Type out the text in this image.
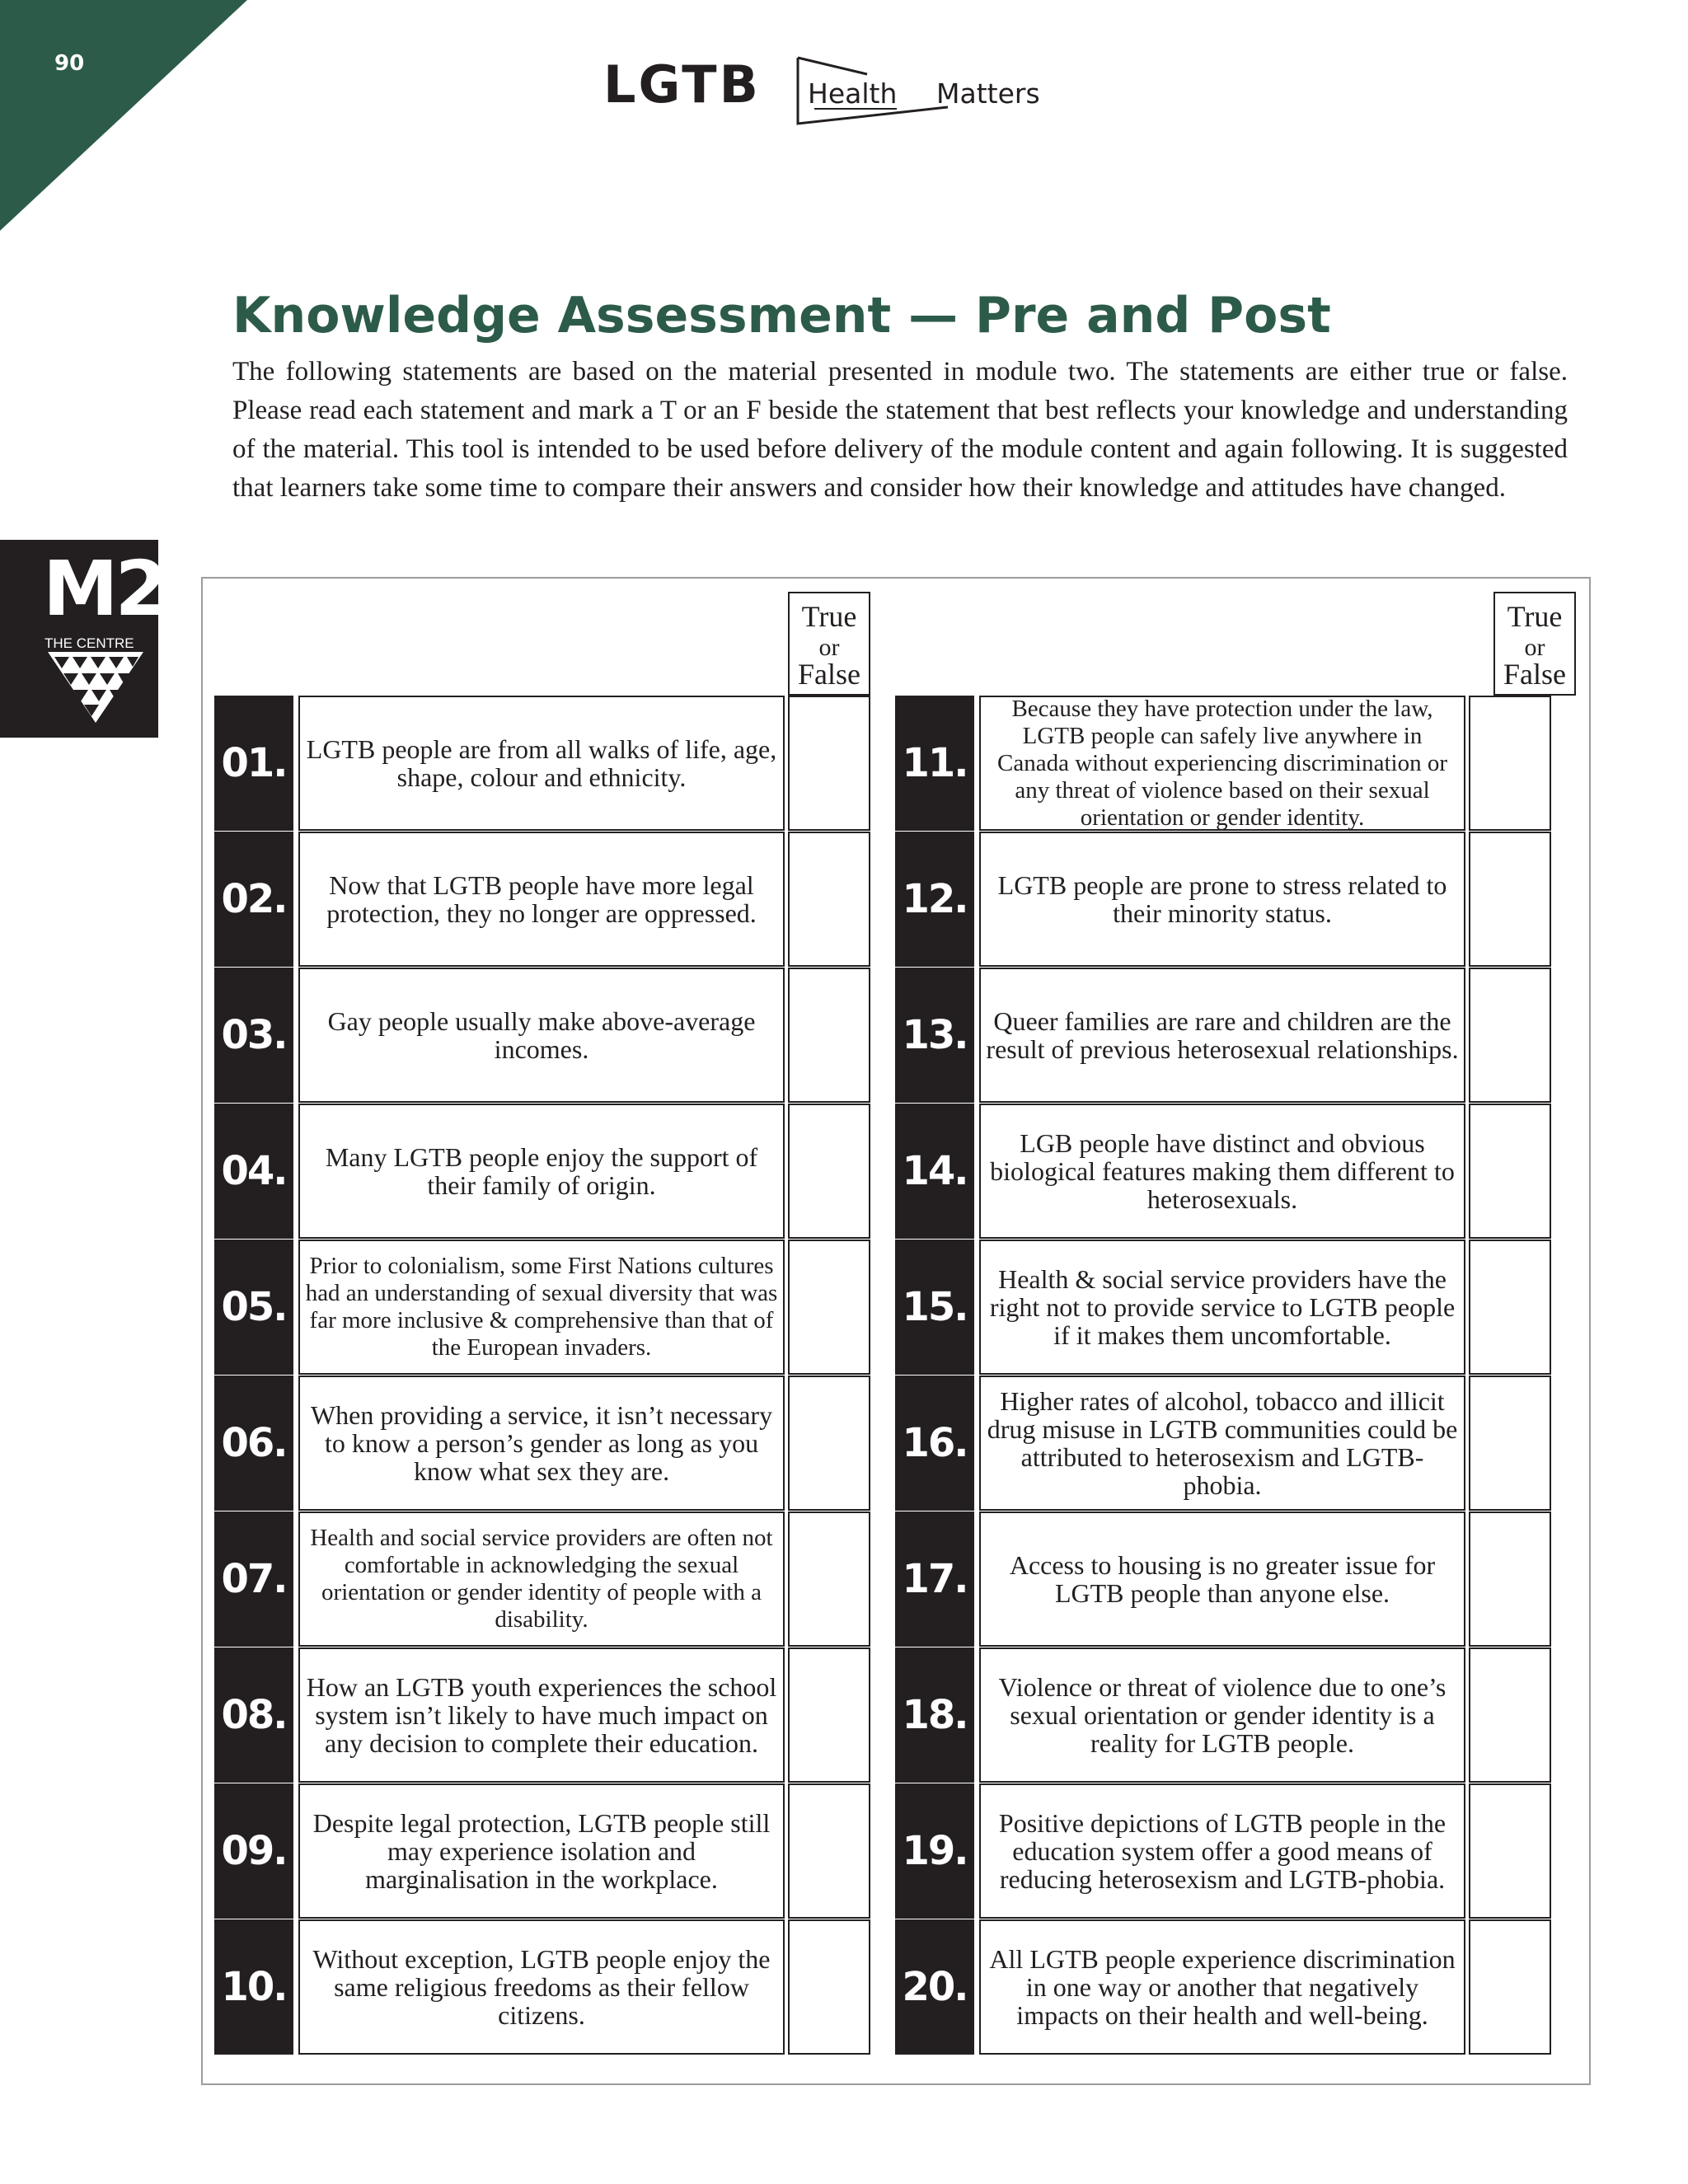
90	LGTB Health Matters
M2
THE CENTRE
Knowledge Assessment — Pre and Post

The following statements are based on the material presented in module two. The statements are either true or false. Please read each statement and mark a T or an F beside the statement that best reflects your knowledge and understanding of the material. This tool is intended to be used before delivery of the module content and again following. It is suggested that learners take some time to compare their answers and consider how their knowledge and attitudes have changed.

True
or
False
True
or
False
01. LGTB people are from all walks of life, age, shape, colour and ethnicity.
02.	Now that LGTB people have more legal protection, they no longer are oppressed.
03.	Gay people usually make above-average incomes.
04.	Many LGTB people enjoy the support of their family of origin.
05.
Prior to colonialism, some First Nations cultures had an understanding of sexual diversity that was far more inclusive & comprehensive than that of the European invaders.
06.
When providing a service, it isn’t necessary to know a person’s gender as long as you know what sex they are.
07.
Health and social service providers are often not comfortable in acknowledging the sexual orientation or gender identity of people with a disability.
08.
How an LGTB youth experiences the school system isn’t likely to have much impact on any decision to complete their education.
09.
Despite legal protection, LGTB people still may experience isolation and marginalisation in the workplace.
10.
Without exception, LGTB people enjoy the same religious freedoms as their fellow citizens.
11.
Because they have protection under the law, LGTB people can safely live anywhere in Canada without experiencing discrimination or any threat of violence based on their sexual orientation or gender identity.
12.	LGTB people are prone to stress related to their minority status.
13. Queer families are rare and children are the result of previous heterosexual relationships.
14.
LGB people have distinct and obvious biological features making them different to heterosexuals.
15.
Health & social service providers have the right not to provide service to LGTB people if it makes them uncomfortable.
16.
Higher rates of alcohol, tobacco and illicit drug misuse in LGTB communities could be attributed to heterosexism and LGTB-phobia.
17.	Access to housing is no greater issue for LGTB people than anyone else.
18.
Violence or threat of violence due to one’s sexual orientation or gender identity is a reality for LGTB people.
19.
Positive depictions of LGTB people in the education system offer a good means of reducing heterosexism and LGTB-phobia.
20.
All LGTB people experience discrimination in one way or another that negatively impacts on their health and well-being.
